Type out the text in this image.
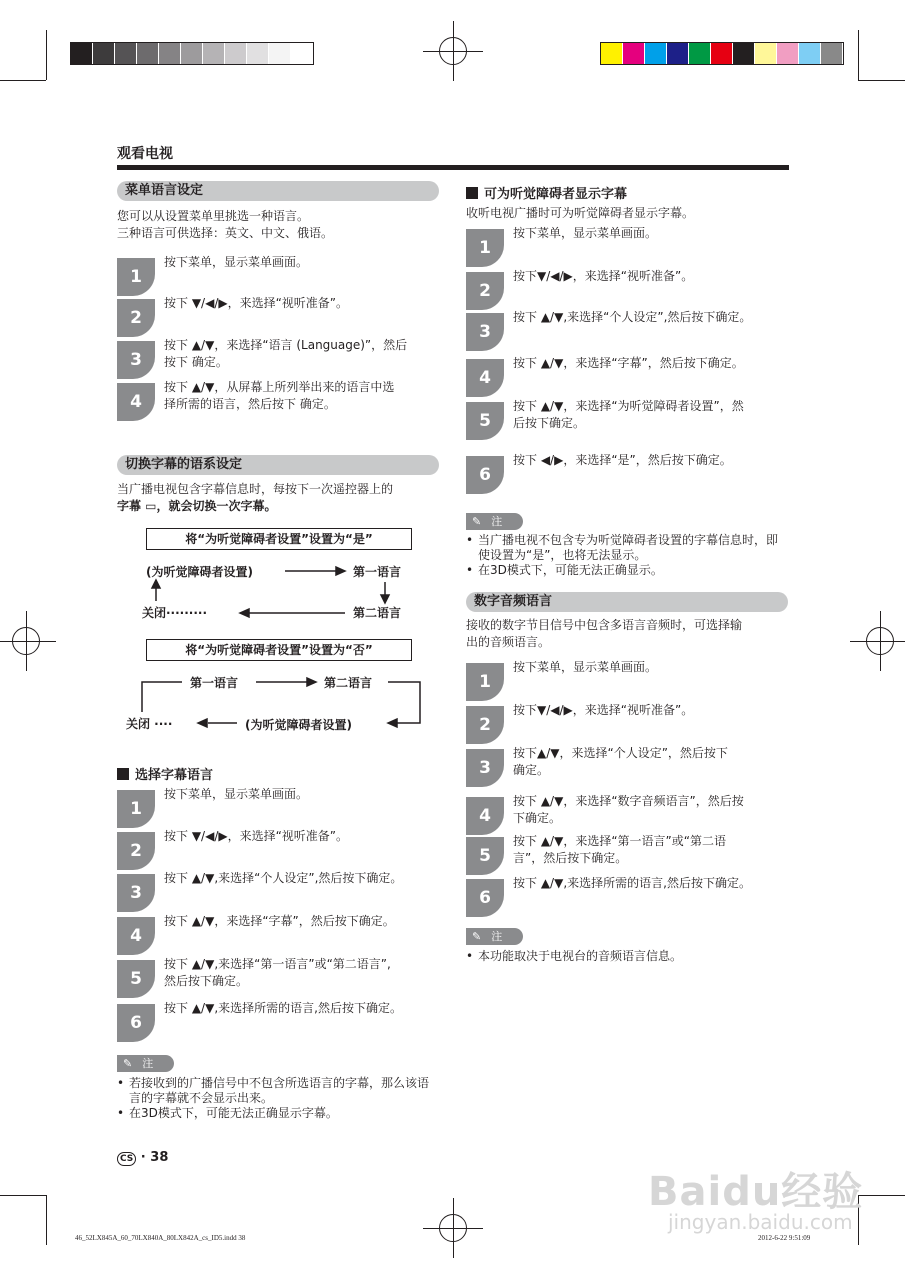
观看电视
菜单语言设定
您可以从设置菜单里挑选一种语言。
三种语言可供选择：英文、中文、俄语。
1
按下菜单，显示菜单画面。
2
按下 ▼/◀/▶，来选择“视听准备”。
3
按下 ▲/▼，来选择“语言 (Language)”，然后
按下 确定。
4
按下 ▲/▼，从屏幕上所列举出来的语言中选
择所需的语言，然后按下 确定。
切换字幕的语系设定
当广播电视包含字幕信息时，每按下一次遥控器上的
字幕 ▭，就会切换一次字幕。
将“为听觉障碍者设置”设置为“是”
(为听觉障碍者设置)	第一语言
关闭·········	第二语言
将“为听觉障碍者设置”设置为“否”
第一语言	第二语言
关闭 ····	(为听觉障碍者设置)
选择字幕语言
1
按下菜单，显示菜单画面。
2
按下 ▼/◀/▶，来选择“视听准备”。
3
按下 ▲/▼,来选择“个人设定”,然后按下确定。
4
按下 ▲/▼，来选择“字幕”，然后按下确定。
5
按下 ▲/▼,来选择“第一语言”或“第二语言”,
然后按下确定。
6
按下 ▲/▼,来选择所需的语言,然后按下确定。
✎ 注
• 若接收到的广播信号中不包含所选语言的字幕，那么该语言的字幕就不会显示出来。
• 在3D模式下，可能无法正确显示字幕。
CS · 38
可为听觉障碍者显示字幕
收听电视广播时可为听觉障碍者显示字幕。
1
按下菜单，显示菜单画面。
2
按下▼/◀/▶，来选择“视听准备”。
3
按下 ▲/▼,来选择“个人设定”,然后按下确定。
4
按下 ▲/▼，来选择“字幕”，然后按下确定。
5
按下 ▲/▼，来选择“为听觉障碍者设置”，然
后按下确定。
6
按下 ◀/▶，来选择“是”，然后按下确定。
✎ 注
• 当广播电视不包含专为听觉障碍者设置的字幕信息时，即使设置为“是”，也将无法显示。
• 在3D模式下，可能无法正确显示。
数字音频语言
接收的数字节目信号中包含多语言音频时，可选择输
出的音频语言。
1
按下菜单，显示菜单画面。
2
按下▼/◀/▶，来选择“视听准备”。
3
按下▲/▼，来选择“个人设定”，然后按下
确定。
4
按下 ▲/▼，来选择“数字音频语言”，然后按
下确定。
5
按下 ▲/▼，来选择“第一语言”或“第二语
言”，然后按下确定。
6
按下 ▲/▼,来选择所需的语言,然后按下确定。
✎ 注
• 本功能取决于电视台的音频语言信息。
46_52LX845A_60_70LX840A_80LX842A_cs_ID5.indd 38	2012-6-22 9:51:09
Baidu经验
jingyan.baidu.com
